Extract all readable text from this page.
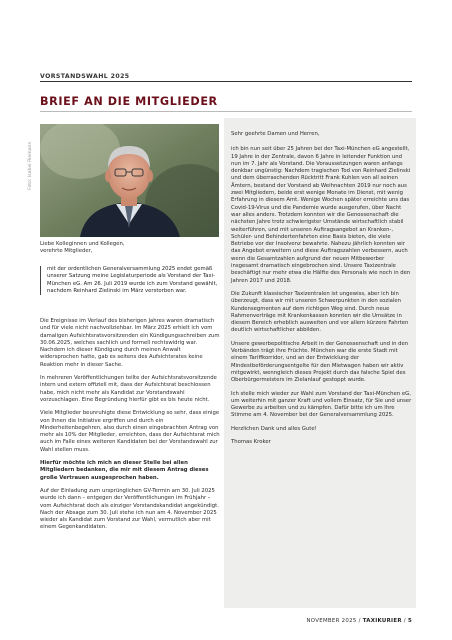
VORSTANDSWAHL 2025
BRIEF AN DIE MITGLIEDER
Foto: Isabel Riemann

Liebe Kolleginnen und Kollegen,

verehrte Mitglieder,

mit der ordentlichen Generalversammlung 2025 endet gemäß unserer Satzung meine Legislaturperiode als Vorstand der Taxi-München eG. Am 26. Juli 2019 wurde ich zum Vorstand gewählt, nachdem Reinhard Zielinski im März verstorben war.

Die Ereignisse im Verlauf des bisherigen Jahres waren dramatisch und für viele nicht nachvollziehbar. Im März 2025 erhielt ich vom damaligen Aufsichtsratsvorsitzenden ein Kündigungsschreiben zum 30.06.2025, welches sachlich und formell rechtswidrig war. Nachdem ich dieser Kündigung durch meinen Anwalt widersprochen hatte, gab es seitens des Aufsichtsrates keine Reaktion mehr in dieser Sache.

In mehreren Veröffentlichungen teilte der Aufsichtsratsvorsitzende intern und extern offiziell mit, dass der Aufsichtsrat beschlossen habe, mich nicht mehr als Kandidat zur Vorstandswahl vorzuschlagen. Eine Begründung hierfür gibt es bis heute nicht.

Viele Mitglieder beunruhigte diese Entwicklung so sehr, dass einige von Ihnen die Initiative ergriffen und durch ein Minderheitenbegehren, also durch einen eingebrachten Antrag von mehr als 10% der Mitglieder, erreichten, dass der Aufsichtsrat mich auch im Falle eines weiteren Kandidaten bei der Vorstandswahl zur Wahl stellen muss.

Hierfür möchte ich mich an dieser Stelle bei allen Mitgliedern bedanken, die mir mit diesem Antrag dieses große Vertrauen ausgesprochen haben.

Auf der Einladung zum ursprünglichen GV-Termin am 30. Juli 2025 wurde ich dann – entgegen der Veröffentlichungen im Frühjahr – vom Aufsichtsrat doch als einziger Vorstandskandidat angekündigt. Nach der Absage zum 30. Juli stehe ich nun am 4. November 2025 wieder als Kandidat zum Vorstand zur Wahl, vermutlich aber mit einem Gegenkandidaten.

Sehr geehrte Damen und Herren,

ich bin nun seit über 25 Jahren bei der Taxi-München eG angestellt, 19 Jahre in der Zentrale, davon 6 Jahre in leitender Funktion und nun im 7. Jahr als Vorstand. Die Voraussetzungen waren anfangs denkbar ungünstig: Nachdem tragischen Tod von Reinhard Zielinski und dem überraschenden Rücktritt Frank Kuhlen von all seinen Ämtern, bestand der Vorstand ab Weihnachten 2019 nur noch aus zwei Mitgliedern, beide erst wenige Monate im Dienst, mit wenig Erfahrung in diesem Amt. Wenige Wochen später erreichte uns das Covid-19-Virus und die Pandemie wurde ausgerufen, über Nacht war alles anders. Trotzdem konnten wir die Genossenschaft die nächsten Jahre trotz schwierigster Umstände wirtschaftlich stabil weiterführen, und mit unseren Auftragsangebot an Kranken-, Schüler- und Behindertenfahrten eine Basis bieten, die viele Betriebe vor der Insolvenz bewahrte. Nahezu jährlich konnten wir das Angebot erweitern und diese Auftragszahlen verbessern, auch wenn die Gesamtzahlen aufgrund der neuen Mitbewerber insgesamt dramatisch eingebrochen sind. Unsere Taxizentrale beschäftigt nur mehr etwa die Hälfte des Personals wie noch in den Jahren 2017 und 2018.

Die Zukunft klassischer Taxizentralen ist ungewiss, aber ich bin überzeugt, dass wir mit unseren Schwerpunkten in den sozialen Kundensegmenten auf dem richtigen Weg sind. Durch neue Rahmenverträge mit Krankenkassen konnten wir die Umsätze in diesem Bereich erheblich ausweiten und vor allem kürzere Fahrten deutlich wirtschaftlicher abbilden.

Unsere gewerbepolitische Arbeit in der Genossenschaft und in den Verbänden trägt ihre Früchte. München war die erste Stadt mit einem Tariffkorridor, und an der Entwicklung der Mindestbeförderungsentgelte für den Mietwagen haben wir aktiv mitgewirkt, wenngleich dieses Projekt durch das falsche Spiel des Oberbürgermeisters im Zielanlauf gestoppt wurde.

Ich stelle mich wieder zur Wahl zum Vorstand der Taxi-München eG, um weiterhin mit ganzer Kraft und vollem Einsatz, für Sie und unser Gewerbe zu arbeiten und zu kämpfen. Dafür bitte ich um Ihre Stimme am 4. November bei der Generalversammlung 2025.

Herzlichen Dank und alles Gute!

Thomas Kroker

NOVEMBER 2025 / TAXIKURIER / 5
